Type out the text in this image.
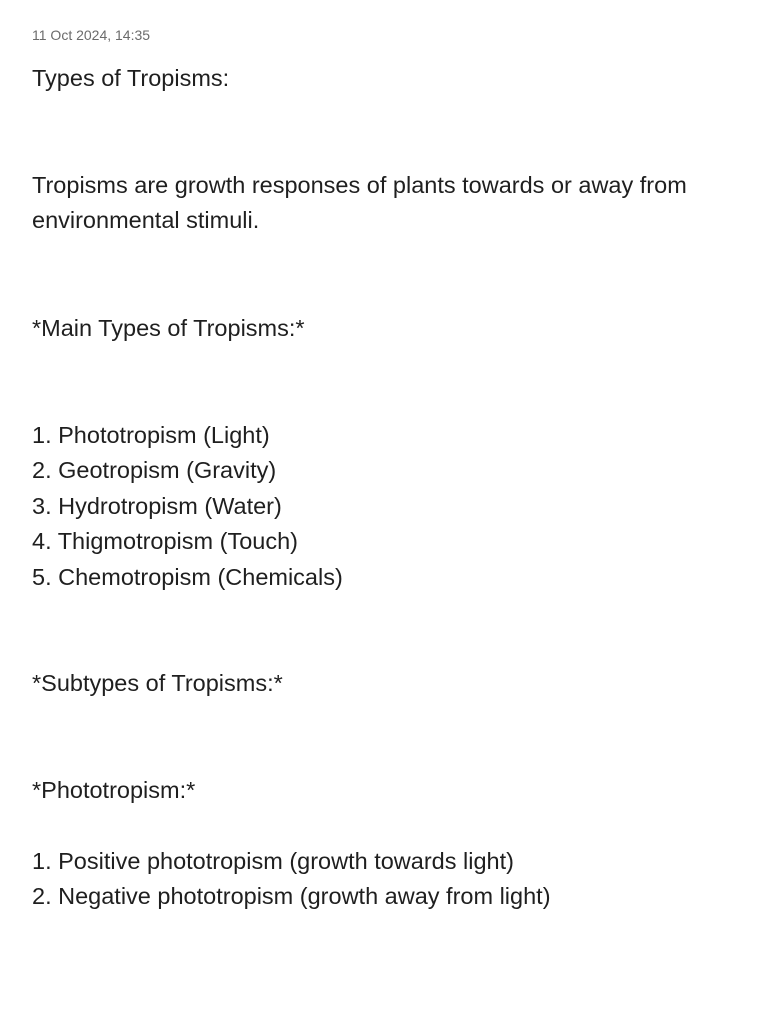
11 Oct 2024, 14:35

Types of Tropisms:

Tropisms are growth responses of plants towards or away from environmental stimuli.

*Main Types of Tropisms:*

1. Phototropism (Light)
2. Geotropism (Gravity)
3. Hydrotropism (Water)
4. Thigmotropism (Touch)
5. Chemotropism (Chemicals)

*Subtypes of Tropisms:*

*Phototropism:*

1. Positive phototropism (growth towards light)
2. Negative phototropism (growth away from light)
